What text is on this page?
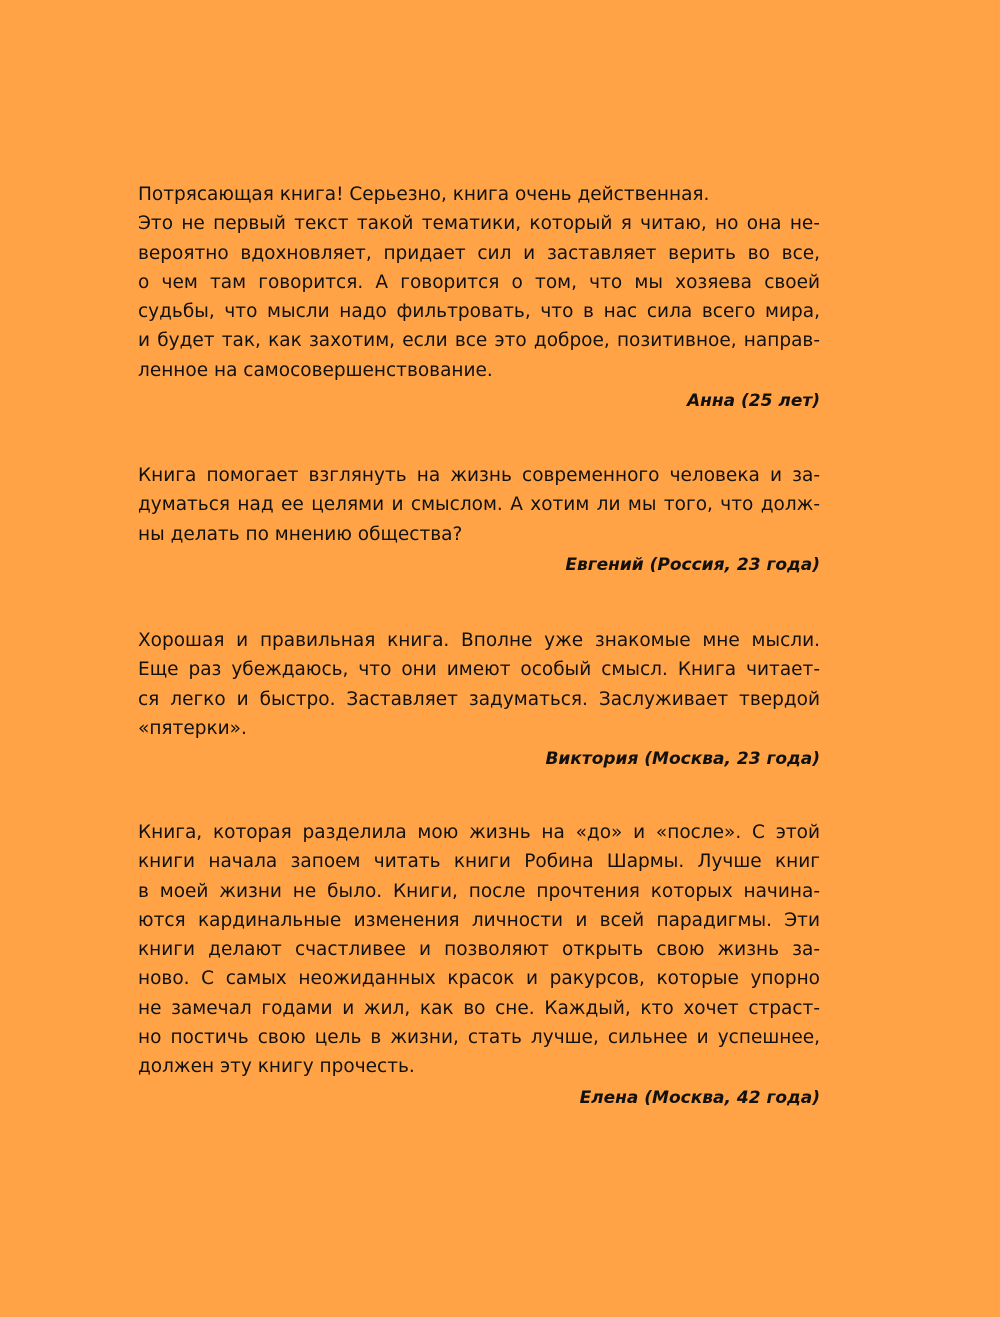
Потрясающая книга! Серьезно, книга очень действенная.
Это не первый текст такой тематики, который я читаю, но она не-
вероятно вдохновляет, придает сил и заставляет верить во все,
о чем там говорится. А говорится о том, что мы хозяева своей
судьбы, что мысли надо фильтровать, что в нас сила всего мира,
и будет так, как захотим, если все это доброе, позитивное, направ-
ленное на самосовершенствование.

Анна (25 лет)

Книга помогает взглянуть на жизнь современного человека и за-
думаться над ее целями и смыслом. А хотим ли мы того, что долж-
ны делать по мнению общества?

Евгений (Россия, 23 года)

Хорошая и правильная книга. Вполне уже знакомые мне мысли.
Еще раз убеждаюсь, что они имеют особый смысл. Книга читает-
ся легко и быстро. Заставляет задуматься. Заслуживает твердой
«пятерки».

Виктория (Москва, 23 года)

Книга, которая разделила мою жизнь на «до» и «после». С этой
книги начала запоем читать книги Робина Шармы. Лучше книг
в моей жизни не было. Книги, после прочтения которых начина-
ются кардинальные изменения личности и всей парадигмы. Эти
книги делают счастливее и позволяют открыть свою жизнь за-
ново. С самых неожиданных красок и ракурсов, которые упорно
не замечал годами и жил, как во сне. Каждый, кто хочет страст-
но постичь свою цель в жизни, стать лучше, сильнее и успешнее,
должен эту книгу прочесть.

Елена (Москва, 42 года)
